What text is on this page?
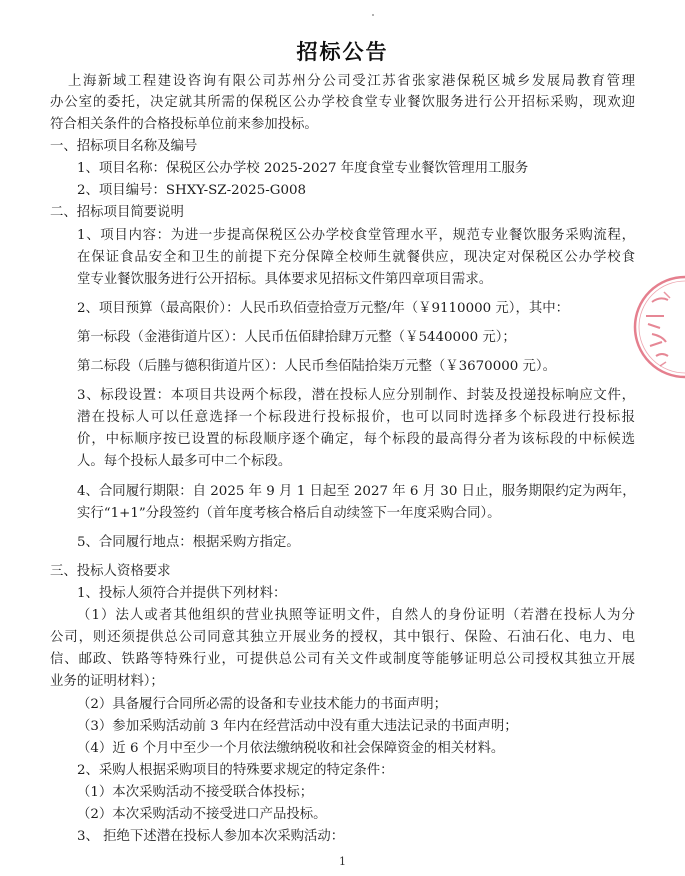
招标公告
上海新域工程建设咨询有限公司苏州分公司受江苏省张家港保税区城乡发展局教育管理
办公室的委托，决定就其所需的保税区公办学校食堂专业餐饮服务进行公开招标采购，现欢迎
符合相关条件的合格投标单位前来参加投标。
一、招标项目名称及编号
1、项目名称：保税区公办学校 2025-2027 年度食堂专业餐饮管理用工服务
2、项目编号：SHXY-SZ-2025-G008
二、招标项目简要说明
1、项目内容：为进一步提高保税区公办学校食堂管理水平，规范专业餐饮服务采购流程，
在保证食品安全和卫生的前提下充分保障全校师生就餐供应，现决定对保税区公办学校食
堂专业餐饮服务进行公开招标。具体要求见招标文件第四章项目需求。
2、项目预算（最高限价）：人民币玖佰壹拾壹万元整/年（￥9110000 元），其中：
第一标段（金港街道片区）：人民币伍佰肆拾肆万元整（￥5440000 元）；
第二标段（后塍与德积街道片区）：人民币叁佰陆拾柒万元整（￥3670000 元）。
3、标段设置：本项目共设两个标段，潜在投标人应分别制作、封装及投递投标响应文件，
潜在投标人可以任意选择一个标段进行投标报价，也可以同时选择多个标段进行投标报
价，中标顺序按已设置的标段顺序逐个确定，每个标段的最高得分者为该标段的中标候选
人。每个投标人最多可中二个标段。
4、合同履行期限：自 2025 年 9 月 1 日起至 2027 年 6 月 30 日止，服务期限约定为两年，
实行“1+1”分段签约（首年度考核合格后自动续签下一年度采购合同）。
5、合同履行地点：根据采购方指定。
三、投标人资格要求
1、投标人须符合并提供下列材料：
（1）法人或者其他组织的营业执照等证明文件，自然人的身份证明（若潜在投标人为分
公司，则还须提供总公司同意其独立开展业务的授权，其中银行、保险、石油石化、电力、电
信、邮政、铁路等特殊行业，可提供总公司有关文件或制度等能够证明总公司授权其独立开展
业务的证明材料）；
（2）具备履行合同所必需的设备和专业技术能力的书面声明；
（3）参加采购活动前 3 年内在经营活动中没有重大违法记录的书面声明；
（4）近 6 个月中至少一个月依法缴纳税收和社会保障资金的相关材料。
2、采购人根据采购项目的特殊要求规定的特定条件：
（1）本次采购活动不接受联合体投标；
（2）本次采购活动不接受进口产品投标。
3、 拒绝下述潜在投标人参加本次采购活动：
1
